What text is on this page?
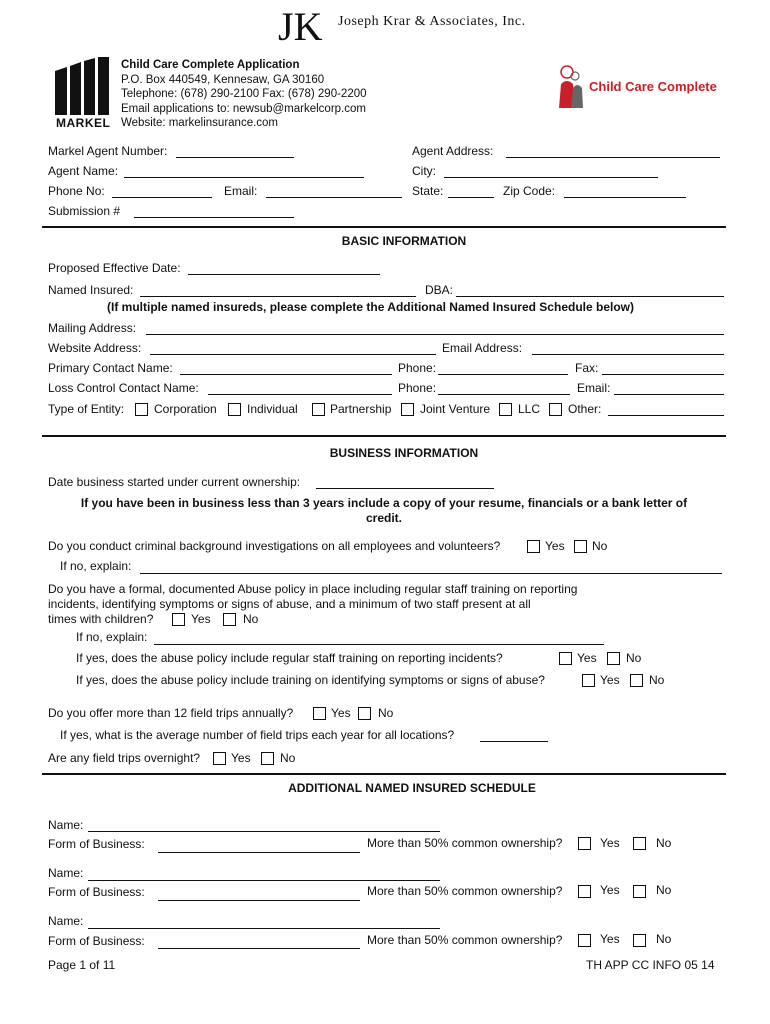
JK Joseph Krar & Associates, Inc.
MARKEL
Child Care Complete Application
P.O. Box 440549, Kennesaw, GA 30160
Telephone: (678) 290-2100 Fax: (678) 290-2200
Email applications to: newsub@markelcorp.com
Website: markelinsurance.com
Child Care Complete
Markel Agent Number:
Agent Name:
Phone No:	Email:
Submission #
Agent Address:
City:
State:	Zip Code:
BASIC INFORMATION
Proposed Effective Date:
Named Insured:	DBA:
(If multiple named insureds, please complete the Additional Named Insured Schedule below)
Mailing Address:
Website Address:	Email Address:
Primary Contact Name:	Phone:	Fax:
Loss Control Contact Name:	Phone:	Email:
Type of Entity: Corporation	Individual	Partnership Joint Venture LLC Other:
BUSINESS INFORMATION
Date business started under current ownership:
If you have been in business less than 3 years include a copy of your resume, financials or a bank letter of
credit.
Do you conduct criminal background investigations on all employees and volunteers?	Yes No
If no, explain:
Do you have a formal, documented Abuse policy in place including regular staff training on reporting
incidents, identifying symptoms or signs of abuse, and a minimum of two staff present at all
times with children?	Yes	No
If no, explain:
If yes, does the abuse policy include regular staff training on reporting incidents?	Yes No
If yes, does the abuse policy include training on identifying symptoms or signs of abuse?	Yes No
Do you offer more than 12 field trips annually?	Yes No
If yes, what is the average number of field trips each year for all locations?
Are any field trips overnight?	Yes No
ADDITIONAL NAMED INSURED SCHEDULE
Name:
Form of Business:	More than 50% common ownership?	Yes	No
Name:
Form of Business:	More than 50% common ownership?	Yes	No
Name:
Form of Business:	More than 50% common ownership?	Yes	No
Page 1 of 11	TH APP CC INFO 05 14
